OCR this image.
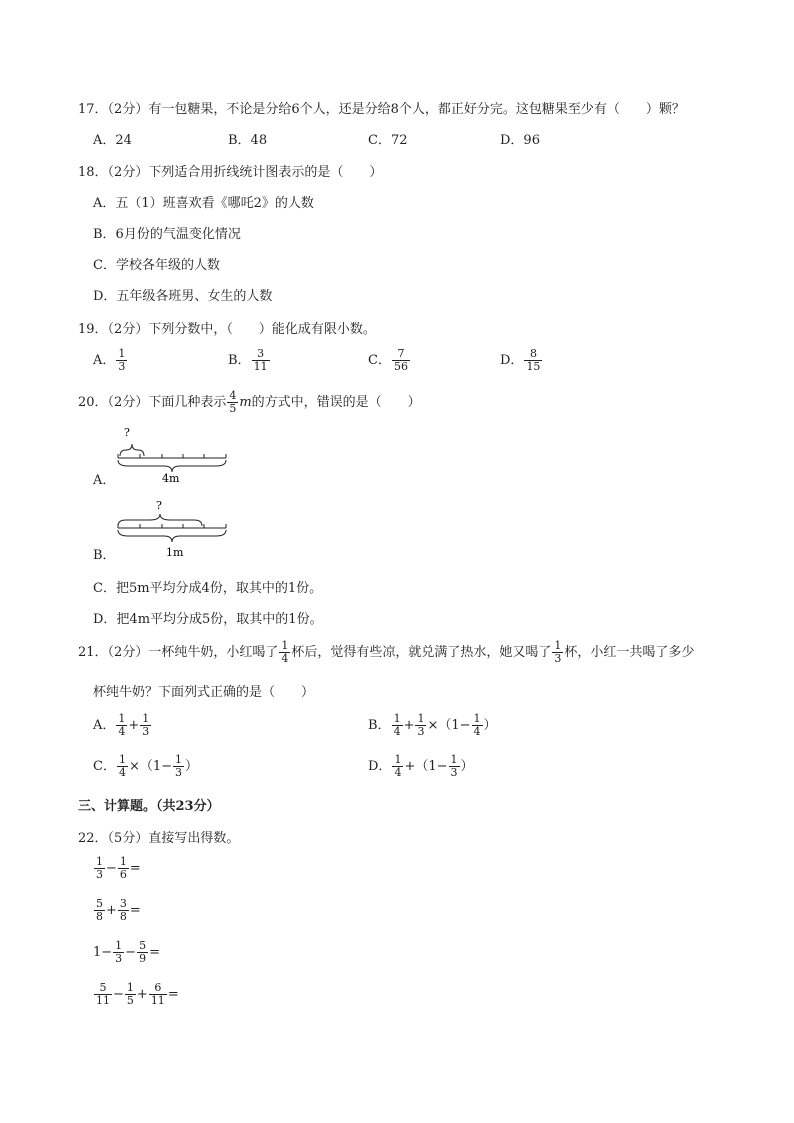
17．（2分）有一包糖果，不论是分给6个人，还是分给8个人，都正好分完。这包糖果至少有（　　）颗？
A．24	B．48	C．72	D．96
18．（2分）下列适合用折线统计图表示的是（　　）
A．五（1）班喜欢看《哪吒2》的人数
B．6月份的气温变化情况
C．学校各年级的人数
D．五年级各班男、女生的人数
19．（2分）下列分数中，（　　）能化成有限小数。
A． $\frac{1}{3}$	B． $\frac{3}{11}$	C． $\frac{7}{56}$	D． $\frac{8}{15}$
20．（2分）下面几种表示 $\frac{4}{5}$ m 的方式中，错误的是（　　）
A．
?
4m
B．
?
1m
C．把5m平均分成4份，取其中的1份。
D．把4m平均分成5份，取其中的1份。
21．（2分）一杯纯牛奶，小红喝了 $\frac{1}{4}$ 杯后，觉得有些凉，就兑满了热水，她又喝了 $\frac{1}{3}$ 杯，小红一共喝了多少
杯纯牛奶？下面列式正确的是（　　）
A． $\frac{1}{4} + \frac{1}{3}$	B． $\frac{1}{4} + \frac{1}{3} \times(1- \frac{1}{4}$ ）
C． $\frac{1}{4} \times(1- \frac{1}{3}$ ）	D． $\frac{1}{4} +(1- \frac{1}{3}$ ）
三、计算题。（共23分）
22．（5分）直接写出得数。
$\frac{1}{3} - \frac{1}{6}$ =
$\frac{5}{8} + \frac{3}{8}$ =
$1- \frac{1}{3} - \frac{5}{9}$ =
$\frac{5}{11} - \frac{1}{5} + \frac{6}{11}$ =
